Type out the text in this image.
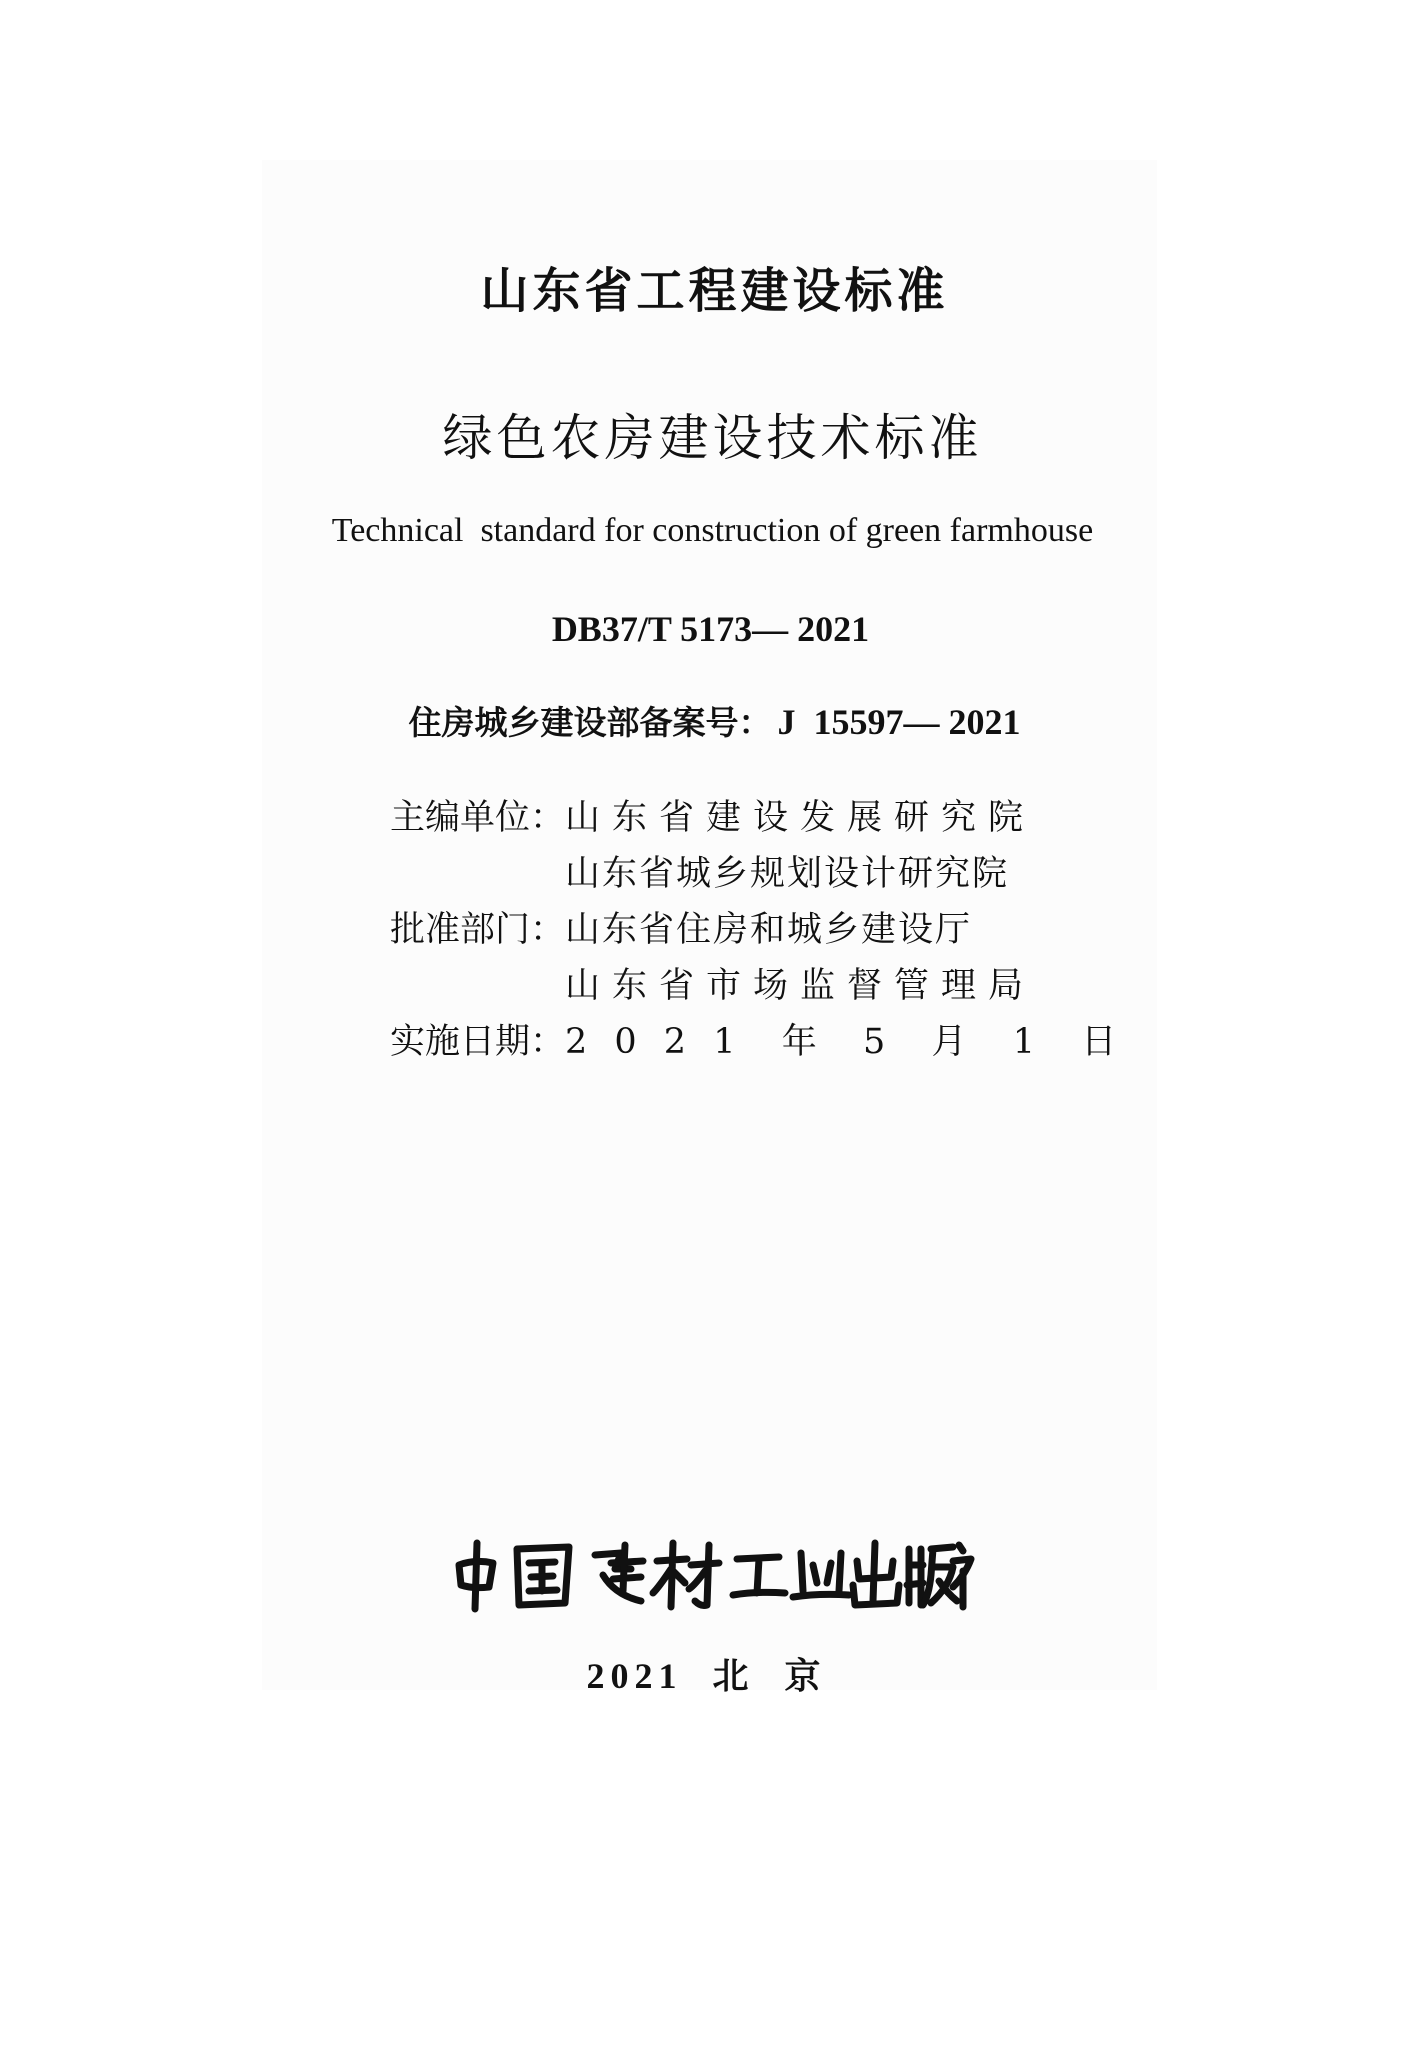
山东省工程建设标准
绿色农房建设技术标准
Technical  standard for construction of green farmhouse
DB37/T 5173— 2021
住房城乡建设部备案号： J  15597— 2021
主编单位： 山东省建设发展研究院
山东省城乡规划设计研究院
批准部门： 山东省住房和城乡建设厅
山东省市场监督管理局
实施日期： 2 0 2 1  年  5  月  1  日
2021  北  京
